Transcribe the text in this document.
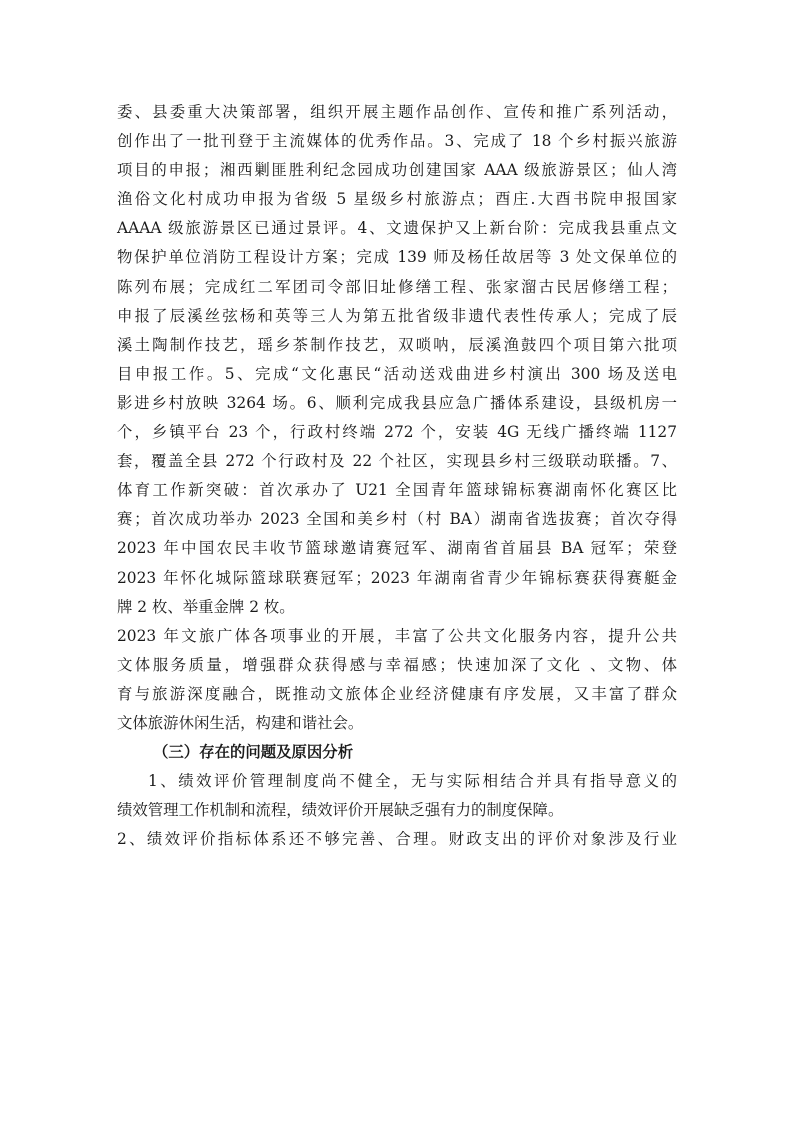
委、县委重大决策部署，组织开展主题作品创作、宣传和推广系列活动，
创作出了一批刊登于主流媒体的优秀作品。3、完成了 18 个乡村振兴旅游
项目的申报；湘西剿匪胜利纪念园成功创建国家 AAA 级旅游景区；仙人湾
渔俗文化村成功申报为省级 5 星级乡村旅游点；酉庄.大酉书院申报国家
AAAA 级旅游景区已通过景评。4、文遗保护又上新台阶：完成我县重点文
物保护单位消防工程设计方案；完成 139 师及杨任故居等 3 处文保单位的
陈列布展；完成红二军团司令部旧址修缮工程、张家溜古民居修缮工程；
申报了辰溪丝弦杨和英等三人为第五批省级非遗代表性传承人；完成了辰
溪土陶制作技艺，瑶乡茶制作技艺，双唢呐，辰溪渔鼓四个项目第六批项
目申报工作。5、完成“文化惠民“活动送戏曲进乡村演出 300 场及送电
影进乡村放映 3264 场。6、顺利完成我县应急广播体系建设，县级机房一
个，乡镇平台 23 个，行政村终端 272 个，安装 4G 无线广播终端 1127
套，覆盖全县 272 个行政村及 22 个社区，实现县乡村三级联动联播。7、
体育工作新突破：首次承办了 U21 全国青年篮球锦标赛湖南怀化赛区比
赛；首次成功举办 2023 全国和美乡村（村 BA）湖南省选拔赛；首次夺得
2023 年中国农民丰收节篮球邀请赛冠军、湖南省首届县 BA 冠军；荣登
2023 年怀化城际篮球联赛冠军；2023 年湖南省青少年锦标赛获得赛艇金
牌 2 枚、举重金牌 2 枚。
2023 年文旅广体各项事业的开展，丰富了公共文化服务内容，提升公共
文体服务质量，增强群众获得感与幸福感；快速加深了文化 、文物、体
育与旅游深度融合，既推动文旅体企业经济健康有序发展，又丰富了群众
文体旅游休闲生活，构建和谐社会。
（三）存在的问题及原因分析
1、绩效评价管理制度尚不健全，无与实际相结合并具有指导意义的
绩效管理工作机制和流程，绩效评价开展缺乏强有力的制度保障。
2、绩效评价指标体系还不够完善、合理。财政支出的评价对象涉及行业
